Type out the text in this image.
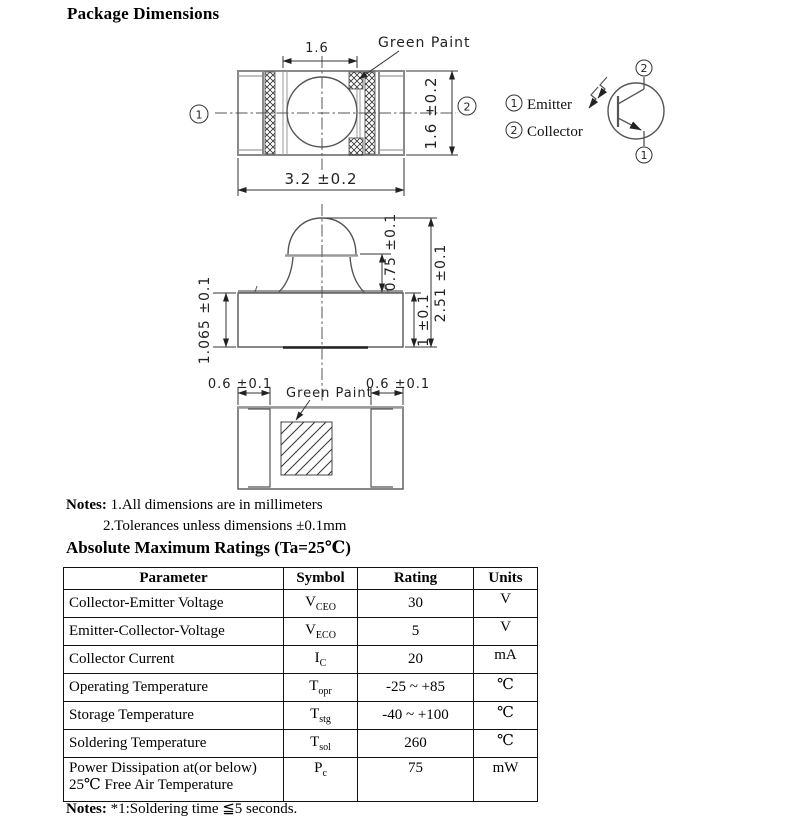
Package Dimensions
1
2
1.6
3.2 ±0.2
1.6 ±0.2
Green Paint
1 Emitter
2 Collector
2
1
1.065 ±0.1	1 ±0.1
0.75 ±0.1 2.51 ±0.1
Green Paint
0.6 ±0.1	0.6 ±0.1
Notes: 1.All dimensions are in millimeters
2.Tolerances unless dimensions ±0.1mm
Absolute Maximum Ratings (Ta=25℃)
Parameter	Symbol	Rating	Units
Collector-Emitter Voltage	$V_{CEO}$	30	V
Emitter-Collector-Voltage	$V_{ECO}$	5	V
Collector Current	$I_C$	20	mA
Operating Temperature	$T_{opr}$	-25 ~ +85	℃
Storage Temperature	$T_{stg}$	-40 ~ +100	℃
Soldering Temperature	$T_{sol}$	260	℃
Power Dissipation at(or below)
25℃ Free Air Temperature	$P_c$	75	mW
Notes: *1:Soldering time ≦5 seconds.
